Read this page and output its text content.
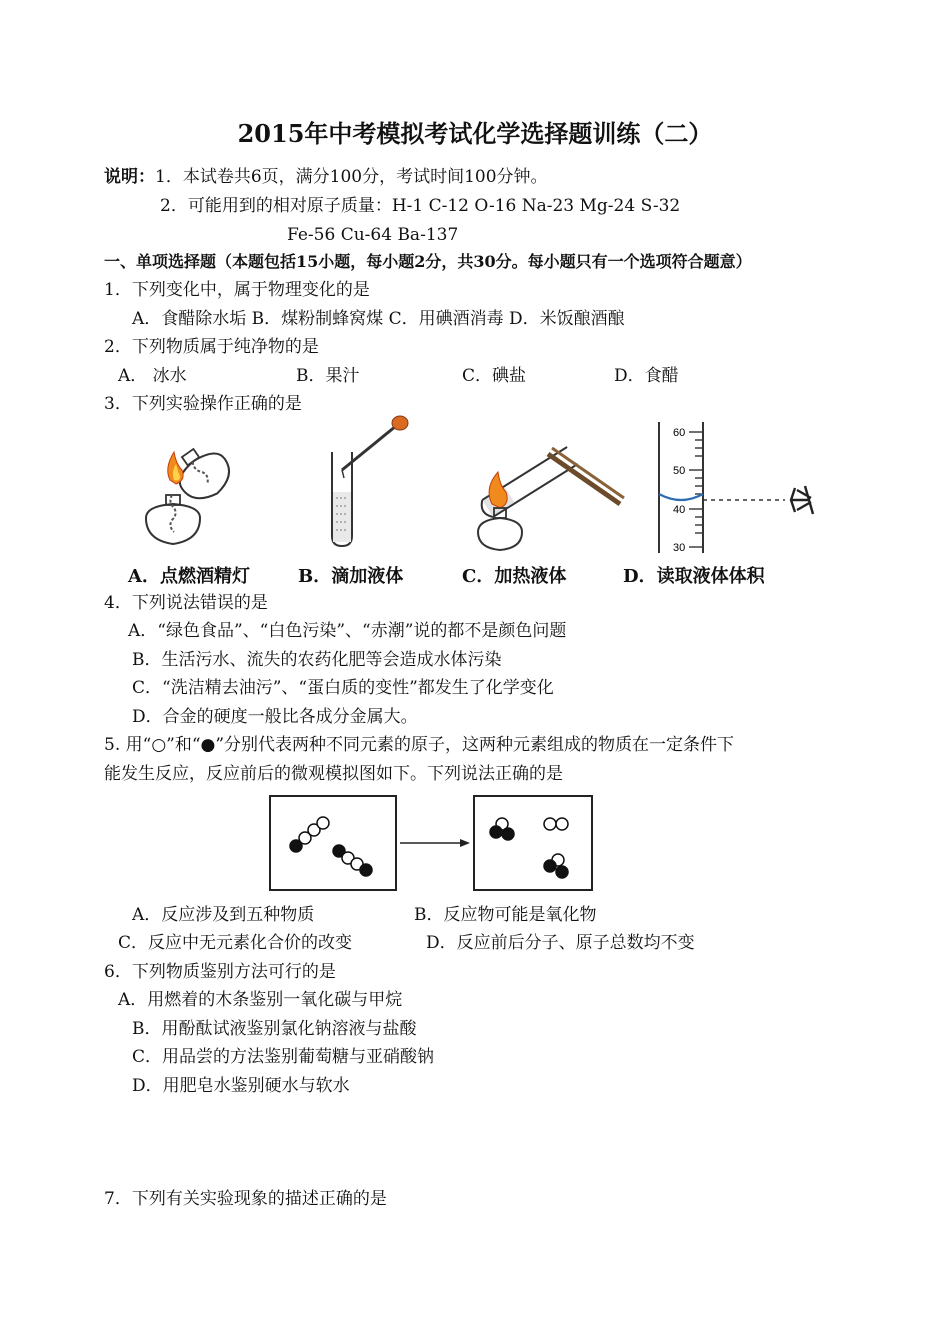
2015年中考模拟考试化学选择题训练（二）
说明：1．本试卷共6页，满分100分，考试时间100分钟。
2．可能用到的相对原子质量：H-1 C-12 O-16 Na-23 Mg-24 S-32
Fe-56 Cu-64 Ba-137
一、单项选择题（本题包括15小题，每小题2分，共30分。每小题只有一个选项符合题意）
1．下列变化中，属于物理变化的是
A．食醋除水垢 B．煤粉制蜂窝煤 C．用碘酒消毒 D．米饭酿酒酿
2．下列物质属于纯净物的是
A． 冰水	B．果汁	C．碘盐	D．食醋
3．下列实验操作正确的是
60
50
40
30
A．点燃酒精灯	B．滴加液体	C．加热液体	D．读取液体体积
4．下列说法错误的是
A．“绿色食品”、“白色污染”、“赤潮”说的都不是颜色问题
B．生活污水、流失的农药化肥等会造成水体污染
C．“洗洁精去油污”、“蛋白质的变性”都发生了化学变化
D．合金的硬度一般比各成分金属大。
5. 用“○”和“●”分别代表两种不同元素的原子，这两种元素组成的物质在一定条件下
能发生反应，反应前后的微观模拟图如下。下列说法正确的是
A．反应涉及到五种物质	B．反应物可能是氧化物
C．反应中无元素化合价的改变	D．反应前后分子、原子总数均不变
6．下列物质鉴别方法可行的是
A．用燃着的木条鉴别一氧化碳与甲烷
B．用酚酞试液鉴别氯化钠溶液与盐酸
C．用品尝的方法鉴别葡萄糖与亚硝酸钠
D．用肥皂水鉴别硬水与软水
7．下列有关实验现象的描述正确的是
